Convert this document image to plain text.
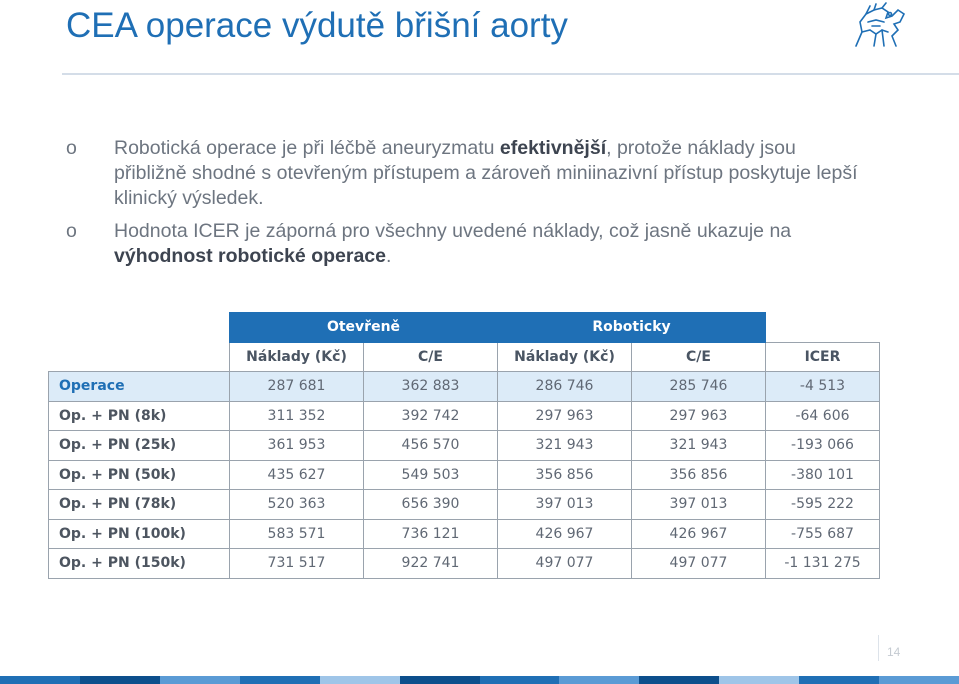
CEA operace výdutě břišní aorty
o Robotická operace je při léčbě aneuryzmatu efektivnější, protože náklady jsou přibližně shodné s otevřeným přístupem a zároveň miniinazivní přístup poskytuje lepší klinický výsledek.
o Hodnota ICER je záporná pro všechny uvedené náklady, což jasně ukazuje na výhodnost robotické operace.
	Otevřeně		Roboticky		
	Náklady (Kč)	C/E	Náklady (Kč)	C/E	ICER
Operace	287 681	362 883	286 746	285 746	-4 513
Op. + PN (8k)	311 352	392 742	297 963	297 963	-64 606
Op. + PN (25k)	361 953	456 570	321 943	321 943	-193 066
Op. + PN (50k)	435 627	549 503	356 856	356 856	-380 101
Op. + PN (78k)	520 363	656 390	397 013	397 013	-595 222
Op. + PN (100k)	583 571	736 121	426 967	426 967	-755 687
Op. + PN (150k)	731 517	922 741	497 077	497 077	-1 131 275
14
